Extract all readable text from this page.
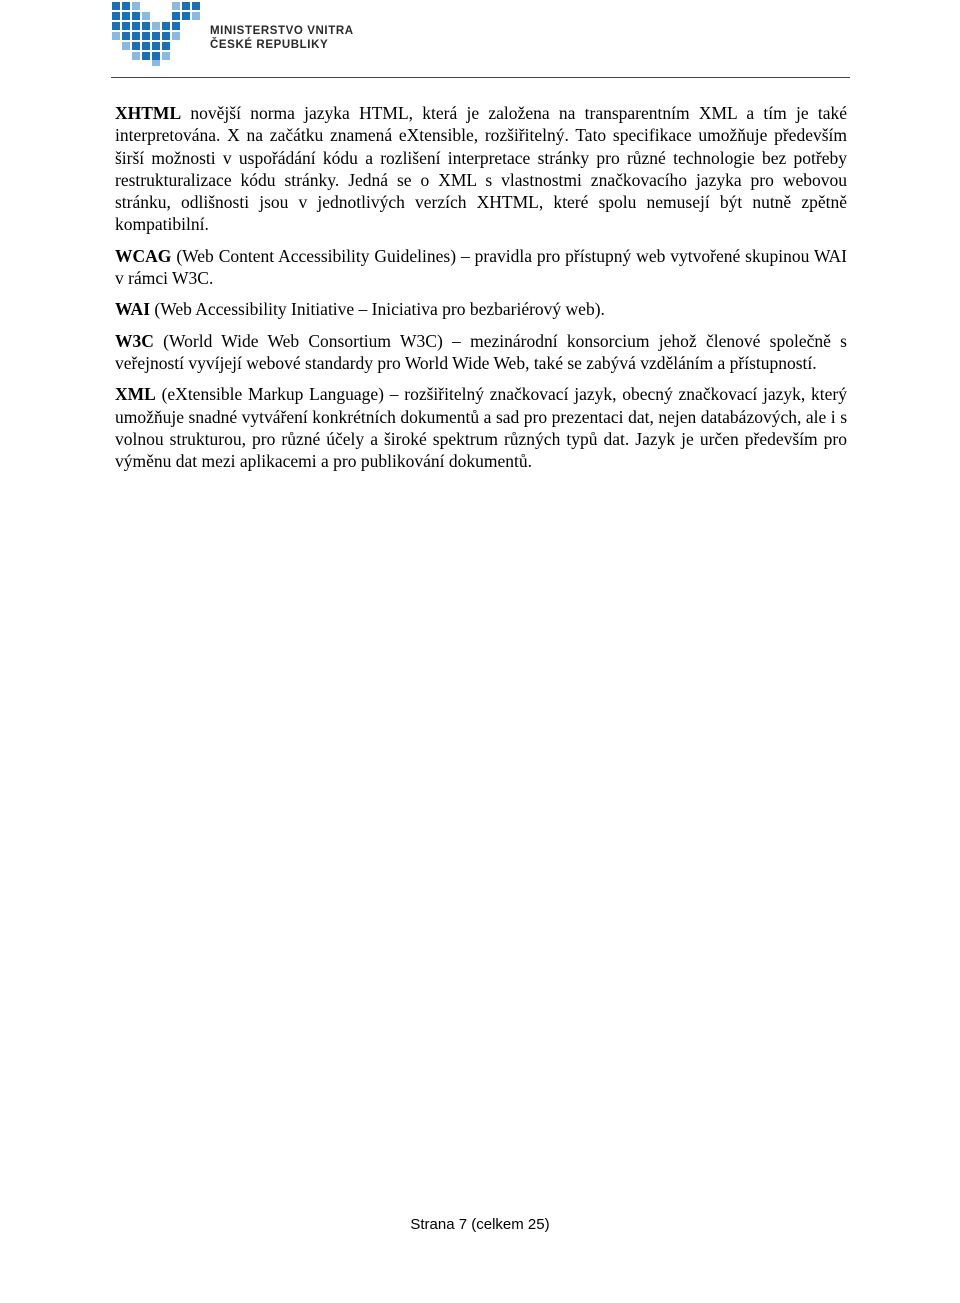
MINISTERSTVO VNITRA
ČESKÉ REPUBLIKY

XHTML novější norma jazyka HTML, která je založena na transparentním XML a tím je také interpretována. X na začátku znamená eXtensible, rozšiřitelný. Tato specifikace umožňuje především širší možnosti v uspořádání kódu a rozlišení interpretace stránky pro různé technologie bez potřeby restrukturalizace kódu stránky. Jedná se o XML s vlastnostmi značkovacího jazyka pro webovou stránku, odlišnosti jsou v jednotlivých verzích XHTML, které spolu nemusejí být nutně zpětně kompatibilní.

WCAG (Web Content Accessibility Guidelines) – pravidla pro přístupný web vytvořené skupinou WAI v rámci W3C.

WAI (Web Accessibility Initiative – Iniciativa pro bezbariérový web).

W3C (World Wide Web Consortium W3C) – mezinárodní konsorcium jehož členové společně s veřejností vyvíjejí webové standardy pro World Wide Web, také se zabývá vzděláním a přístupností.

XML (eXtensible Markup Language) – rozšiřitelný značkovací jazyk, obecný značkovací jazyk, který umožňuje snadné vytváření konkrétních dokumentů a sad pro prezentaci dat, nejen databázových, ale i s volnou strukturou, pro různé účely a široké spektrum různých typů dat. Jazyk je určen především pro výměnu dat mezi aplikacemi a pro publikování dokumentů.

Strana 7 (celkem 25)
